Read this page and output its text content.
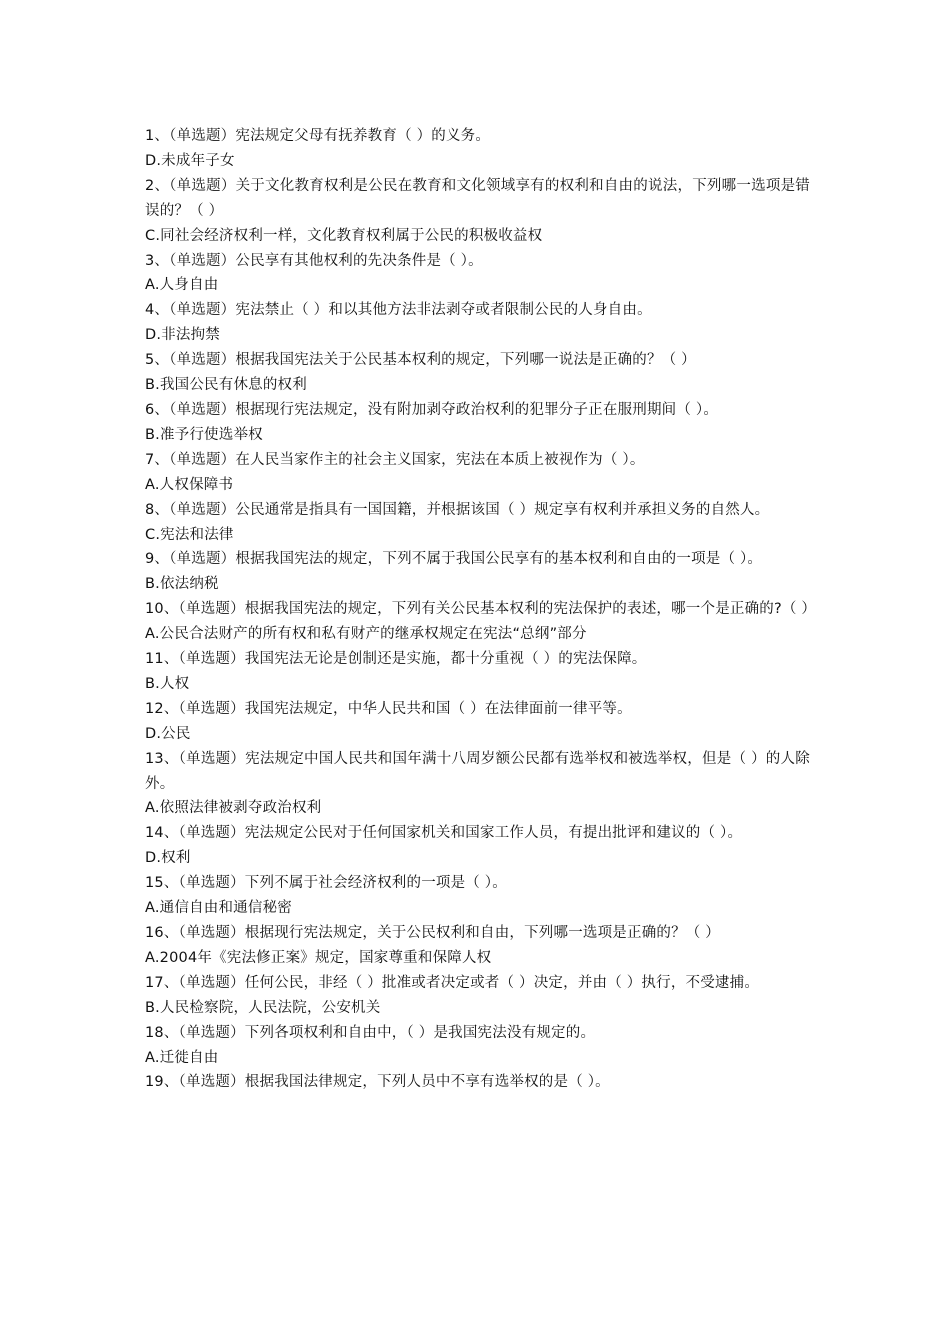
1、（单选题）宪法规定父母有抚养教育（ ）的义务。
D.未成年子女
2、（单选题）关于文化教育权利是公民在教育和文化领域享有的权利和自由的说法，下列哪一选项是错误的？（ ）
C.同社会经济权利一样，文化教育权利属于公民的积极收益权
3、（单选题）公民享有其他权利的先决条件是（ ）。
A.人身自由
4、（单选题）宪法禁止（ ）和以其他方法非法剥夺或者限制公民的人身自由。
D.非法拘禁
5、（单选题）根据我国宪法关于公民基本权利的规定，下列哪一说法是正确的？（ ）
B.我国公民有休息的权利
6、（单选题）根据现行宪法规定，没有附加剥夺政治权利的犯罪分子正在服刑期间（ ）。
B.准予行使选举权
7、（单选题）在人民当家作主的社会主义国家，宪法在本质上被视作为（ ）。
A.人权保障书
8、（单选题）公民通常是指具有一国国籍，并根据该国（ ）规定享有权利并承担义务的自然人。
C.宪法和法律
9、（单选题）根据我国宪法的规定，下列不属于我国公民享有的基本权利和自由的一项是（ ）。
B.依法纳税
10、（单选题）根据我国宪法的规定，下列有关公民基本权利的宪法保护的表述，哪一个是正确的?（ ）
A.公民合法财产的所有权和私有财产的继承权规定在宪法“总纲”部分
11、（单选题）我国宪法无论是创制还是实施，都十分重视（ ）的宪法保障。
B.人权
12、（单选题）我国宪法规定，中华人民共和国（ ）在法律面前一律平等。
D.公民
13、（单选题）宪法规定中国人民共和国年满十八周岁额公民都有选举权和被选举权，但是（ ）的人除外。
A.依照法律被剥夺政治权利
14、（单选题）宪法规定公民对于任何国家机关和国家工作人员，有提出批评和建议的（ ）。
D.权利
15、（单选题）下列不属于社会经济权利的一项是（ ）。
A.通信自由和通信秘密
16、（单选题）根据现行宪法规定，关于公民权利和自由，下列哪一选项是正确的？（ ）
A.2004年《宪法修正案》规定，国家尊重和保障人权
17、（单选题）任何公民，非经（ ）批准或者决定或者（ ）决定，并由（ ）执行，不受逮捕。
B.人民检察院，人民法院，公安机关
18、（单选题）下列各项权利和自由中，（ ）是我国宪法没有规定的。
A.迁徙自由
19、（单选题）根据我国法律规定，下列人员中不享有选举权的是（ ）。
